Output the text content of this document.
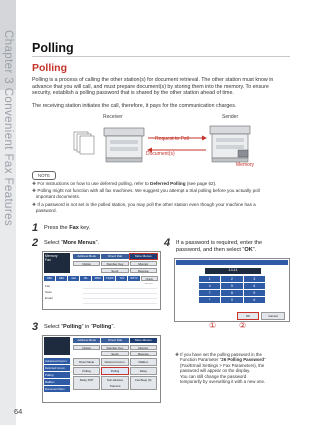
Chapter 3 Convenient Fax Features Polling
Polling
Polling is a process of calling the other station(s) for document retrieval. The other station must know in
advance that you will call, and must prepare document(s) by storing them into the memory. To ensure
security, establish a polling password that is shared by the other station ahead of time.
The receiving station initiates the call, therefore, it pays for the communication charges.
Receiver	Sender
Request to Poll
Document(s)
Memory
NOTE
❖ For instructions on how to use deferred polling, refer to Deferred Polling (see page 62).
❖ Polling might not function with all fax machines. We suggest you attempt a trial polling before you actually poll
important documents.
❖ If a password is not set in the polled station, you may poll the other station even though your machine has a
password.
1 Press the Fax key.
2 Select “More Menus”.
Memory
Fax
Address Book	Direct Dial	More Menus
Option	Number Key	Monitor
Send	Receive
ABC	DEF	GHI	JKL	MNO	PQRS	TUV	WXYZ	Check
Fax
Scan
Email
3 Select “Polling” in “Polling”.
Address Book	Direct Dial	More Menus
Option	Number Key	Monitor
Send	Receive
Advanced Comm.
Deferred Comm.
Polling
Mailbox
Document Mem.
Direct Mode	Deferred Comm.	Mailbox
Polling	Polling	Relay
Relay XMT	Sub-Address Transmit
Fax Beep (0)
4 If a password is required, enter the
password, and then select “OK”.
1111
1	2	3
4	5	6
7	8	9
*	0	#
OK	Cancel
①	②
❖ If you have set the polling password in the
Function Parameter “26 Polling Password”
(Fax/Email Settings > Fax Parameters), the
password will appear on the display.
You can still change the password
temporarily by overwriting it with a new one.
64
